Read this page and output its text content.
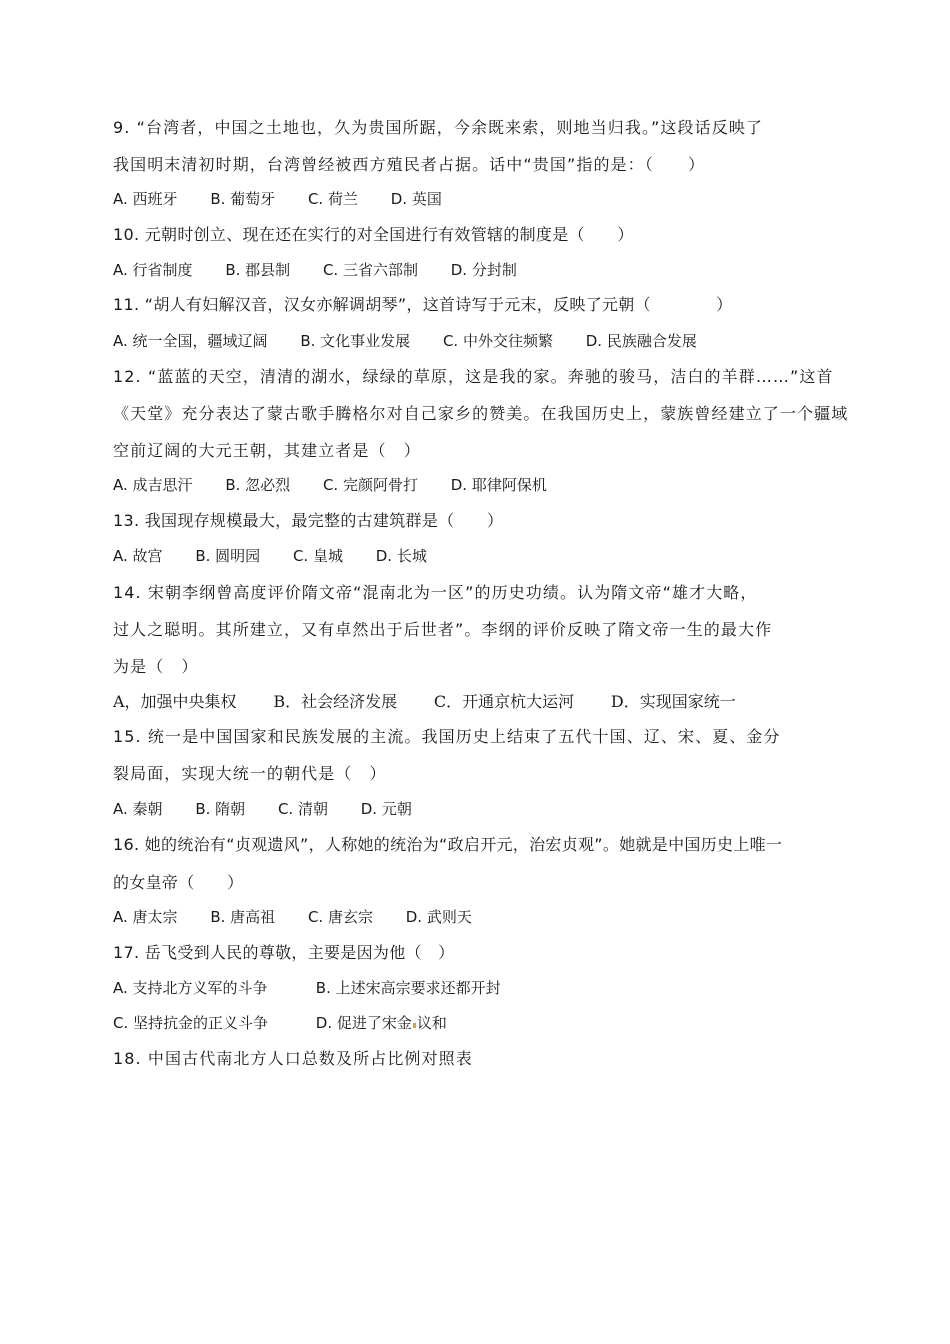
9. “台湾者，中国之土地也，久为贵国所踞，今余既来索，则地当归我。”这段话反映了
我国明末清初时期，台湾曾经被西方殖民者占据。话中“贵国”指的是：（　　）
A. 西班牙 B. 葡萄牙 C. 荷兰 D. 英国
10. 元朝时创立、现在还在实行的对全国进行有效管辖的制度是（　　）
A. 行省制度 B. 郡县制 C. 三省六部制 D. 分封制
11. “胡人有妇解汉音，汉女亦解调胡琴”，这首诗写于元末，反映了元朝（　　　　）
A. 统一全国，疆域辽阔 B. 文化事业发展 C. 中外交往频繁 D. 民族融合发展
12. “蓝蓝的天空，清清的湖水，绿绿的草原，这是我的家。奔驰的骏马，洁白的羊群……”这首
《天堂》充分表达了蒙古歌手腾格尔对自己家乡的赞美。在我国历史上，蒙族曾经建立了一个疆域
空前辽阔的大元王朝，其建立者是（　）
A. 成吉思汗 B. 忽必烈 C. 完颜阿骨打 D. 耶律阿保机
13. 我国现存规模最大，最完整的古建筑群是（　　）
A. 故宫 B. 圆明园 C. 皇城 D. 长城
14. 宋朝李纲曾高度评价隋文帝“混南北为一区”的历史功绩。认为隋文帝“雄才大略，
过人之聪明。其所建立，又有卓然出于后世者”。李纲的评价反映了隋文帝一生的最大作
为是（　）
A，加强中央集权 B．社会经济发展 C．开通京杭大运河 D．实现国家统一
15. 统一是中国国家和民族发展的主流。我国历史上结束了五代十国、辽、宋、夏、金分
裂局面，实现大统一的朝代是（　）
A. 秦朝 B. 隋朝 C. 清朝 D. 元朝
16. 她的统治有“贞观遗风”，人称她的统治为“政启开元，治宏贞观”。她就是中国历史上唯一
的女皇帝（　　）
A. 唐太宗 B. 唐高祖 C. 唐玄宗 D. 武则天
17. 岳飞受到人民的尊敬，主要是因为他（　）
A. 支持北方义军的斗争	B. 上述宋高宗要求还都开封
C. 坚持抗金的正义斗争	D. 促进了宋金 议和
18. 中国古代南北方人口总数及所占比例对照表
